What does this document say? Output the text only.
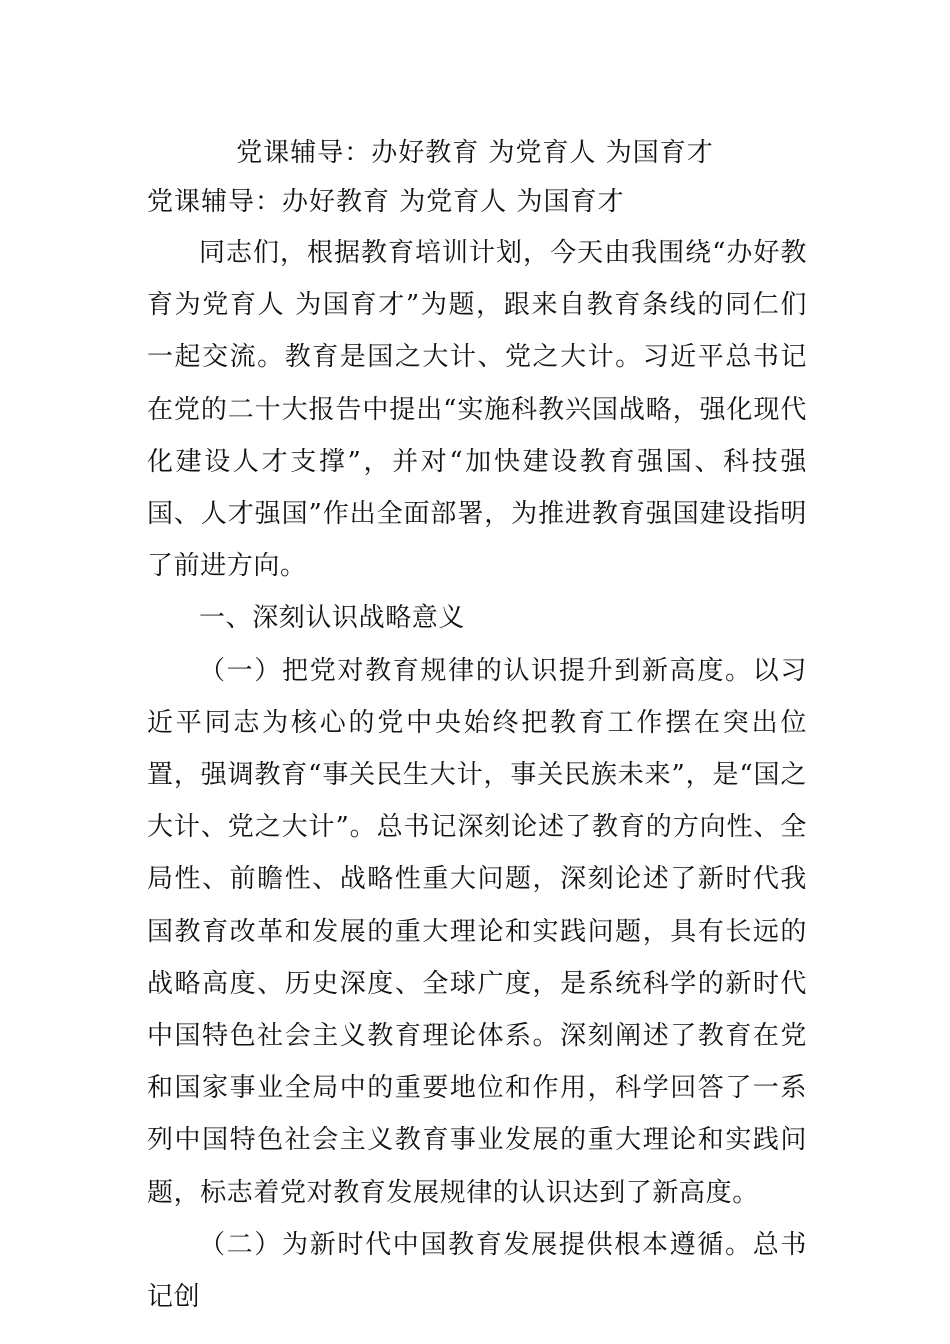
党课辅导：办好教育 为党育人 为国育才
党课辅导：办好教育 为党育人 为国育才

同志们，根据教育培训计划，今天由我围绕“办好教育为党育人 为国育才”为题，跟来自教育条线的同仁们一起交流。教育是国之大计、党之大计。习近平总书记在党的二十大报告中提出“实施科教兴国战略，强化现代化建设人才支撑”，并对“加快建设教育强国、科技强国、人才强国”作出全面部署，为推进教育强国建设指明了前进方向。

一、深刻认识战略意义

（一）把党对教育规律的认识提升到新高度。以习近平同志为核心的党中央始终把教育工作摆在突出位置，强调教育“事关民生大计，事关民族未来”，是“国之大计、党之大计”。总书记深刻论述了教育的方向性、全局性、前瞻性、战略性重大问题，深刻论述了新时代我国教育改革和发展的重大理论和实践问题，具有长远的战略高度、历史深度、全球广度，是系统科学的新时代中国特色社会主义教育理论体系。深刻阐述了教育在党和国家事业全局中的重要地位和作用，科学回答了一系列中国特色社会主义教育事业发展的重大理论和实践问题，标志着党对教育发展规律的认识达到了新高度。

（二）为新时代中国教育发展提供根本遵循。总书记创
